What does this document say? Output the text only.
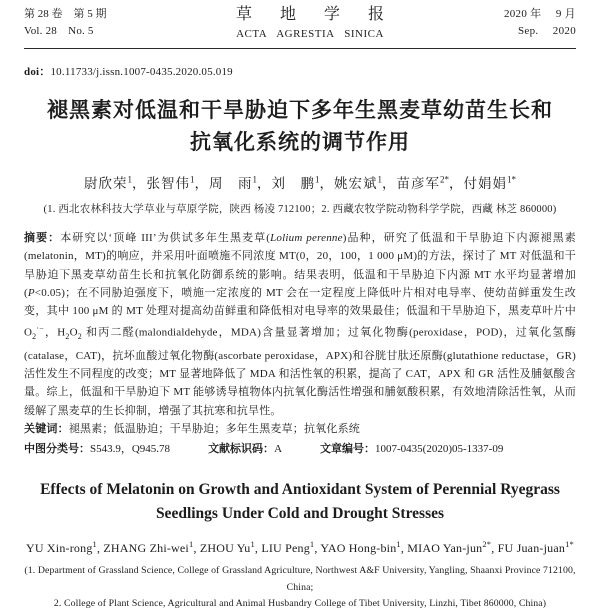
第 28 卷　第 5 期
Vol. 28　No. 5
草 地 学 报
ACTA AGRESTIA SINICA
2020 年　 9 月
Sep.　 2020
doi：10.11733/j.issn.1007-0435.2020.05.019
褪黑素对低温和干旱胁迫下多年生黑麦草幼苗生长和
抗氧化系统的调节作用
尉欣荣$^1$，张智伟$^1$，周　雨$^1$，刘　鹏$^1$，姚宏斌$^1$，苗彦军$^{2*}$，付娟娟$^{1*}$
(1. 西北农林科技大学草业与草原学院，陕西 杨凌 712100；2. 西藏农牧学院动物科学学院，西藏 林芝 860000)

摘要：本研究以‘顶峰 III’为供试多年生黑麦草(Lolium perenne)品种，研究了低温和干旱胁迫下内源褪黑素(melatonin，MT)的响应，并采用叶面喷施不同浓度 MT(0，20，100，1 000 μM)的方法，探讨了 MT 对低温和干旱胁迫下黑麦草幼苗生长和抗氧化防御系统的影响。结果表明，低温和干旱胁迫下内源 MT 水平均显著增加(P<0.05)；在不同胁迫强度下，喷施一定浓度的 MT 会在一定程度上降低叶片相对电导率、使幼苗鲜重发生改变，其中 100 μM 的 MT 处理对提高幼苗鲜重和降低相对电导率的效果最佳；低温和干旱胁迫下，黑麦草叶片中 $O_2^{\cdot-}$，$H_2O_2$ 和丙二醛(malondialdehyde，MDA)含量显著增加；过氧化物酶(peroxidase，POD)，过氧化氢酶(catalase，CAT)，抗坏血酸过氧化物酶(ascorbate peroxidase，APX)和谷胱甘肽还原酶(glutathione reductase，GR)活性发生不同程度的改变；MT 显著地降低了 MDA 和活性氧的积累，提高了 CAT，APX 和 GR 活性及脯氨酸含量。综上，低温和干旱胁迫下 MT 能够诱导植物体内抗氧化酶活性增强和脯氨酸积累，有效地清除活性氧，从而缓解了黑麦草的生长抑制，增强了其抗寒和抗旱性。

关键词：褪黑素；低温胁迫；干旱胁迫；多年生黑麦草；抗氧化系统
中图分类号：S543.9，Q945.78	文献标识码：A	文章编号：1007-0435(2020)05-1337-09
Effects of Melatonin on Growth and Antioxidant System of Perennial Ryegrass
Seedlings Under Cold and Drought Stresses
YU Xin-rong$^1$, ZHANG Zhi-wei$^1$, ZHOU Yu$^1$, LIU Peng$^1$, YAO Hong-bin$^1$, MIAO Yan-jun$^{2*}$, FU Juan-juan$^{1*}$
(1. Department of Grassland Science, College of Grassland Agriculture, Northwest A&F University, Yangling, Shaanxi Province 712100, China;
2. College of Plant Science, Agricultural and Animal Husbandry College of Tibet University, Linzhi, Tibet 860000, China)
